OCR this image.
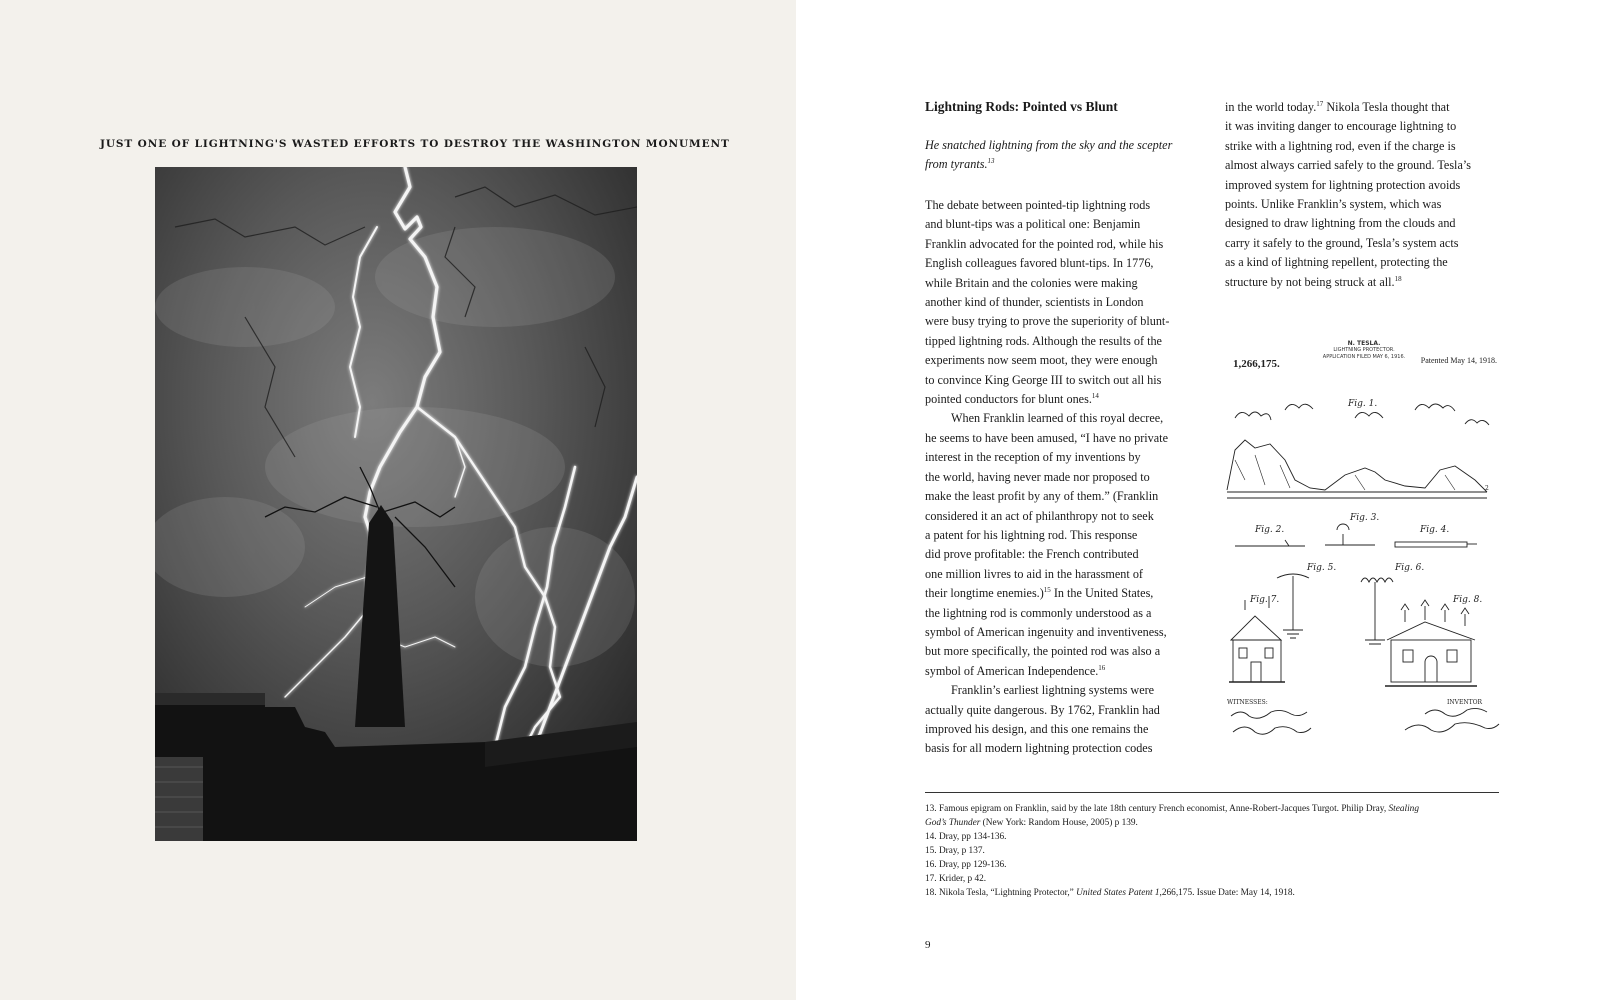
JUST ONE OF LIGHTNING'S WASTED EFFORTS TO DESTROY THE WASHINGTON MONUMENT
Lightning Rods: Pointed vs Blunt
He snatched lightning from the sky and the scepter
from tyrants.$^{13}$

The debate between pointed-tip lightning rods
and blunt-tips was a political one: Benjamin
Franklin advocated for the pointed rod, while his
English colleagues favored blunt-tips. In 1776,
while Britain and the colonies were making
another kind of thunder, scientists in London
were busy trying to prove the superiority of blunt-
tipped lightning rods. Although the results of the
experiments now seem moot, they were enough
to convince King George III to switch out all his
pointed conductors for blunt ones.$^{14}$

When Franklin learned of this royal decree,
he seems to have been amused, “I have no private
interest in the reception of my inventions by
the world, having never made nor proposed to
make the least profit by any of them.” (Franklin
considered it an act of philanthropy not to seek
a patent for his lightning rod. This response
did prove profitable: the French contributed
one million livres to aid in the harassment of
their longtime enemies.)$^{15}$ In the United States,
the lightning rod is commonly understood as a
symbol of American ingenuity and inventiveness,
but more specifically, the pointed rod was also a
symbol of American Independence.$^{16}$

Franklin’s earliest lightning systems were
actually quite dangerous. By 1762, Franklin had
improved his design, and this one remains the
basis for all modern lightning protection codes

in the world today.$^{17}$ Nikola Tesla thought that
it was inviting danger to encourage lightning to
strike with a lightning rod, even if the charge is
almost always carried safely to the ground. Tesla’s
improved system for lightning protection avoids
points. Unlike Franklin’s system, which was
designed to draw lightning from the clouds and
carry it safely to the ground, Tesla’s system acts
as a kind of lightning repellent, protecting the
structure by not being struck at all.$^{18}$

N. TESLA.
LIGHTNING PROTECTOR.
APPLICATION FILED MAY 6, 1916.
1,266,175.	Patented May 14, 1918.
Fig. 1.
2
Fig. 3.
Fig. 2.	Fig. 4.
Fig. 5.	Fig. 6.
Fig. 7.	Fig. 8.
WITNESSES:	INVENTOR
13. Famous epigram on Franklin, said by the late 18th century French economist, Anne-Robert-Jacques Turgot. Philip Dray, Stealing
God’s Thunder (New York: Random House, 2005) p 139.
14. Dray, pp 134-136.
15. Dray, p 137.
16. Dray, pp 129-136.
17. Krider, p 42.
18. Nikola Tesla, “Lightning Protector,” United States Patent 1,266,175. Issue Date: May 14, 1918.
9
